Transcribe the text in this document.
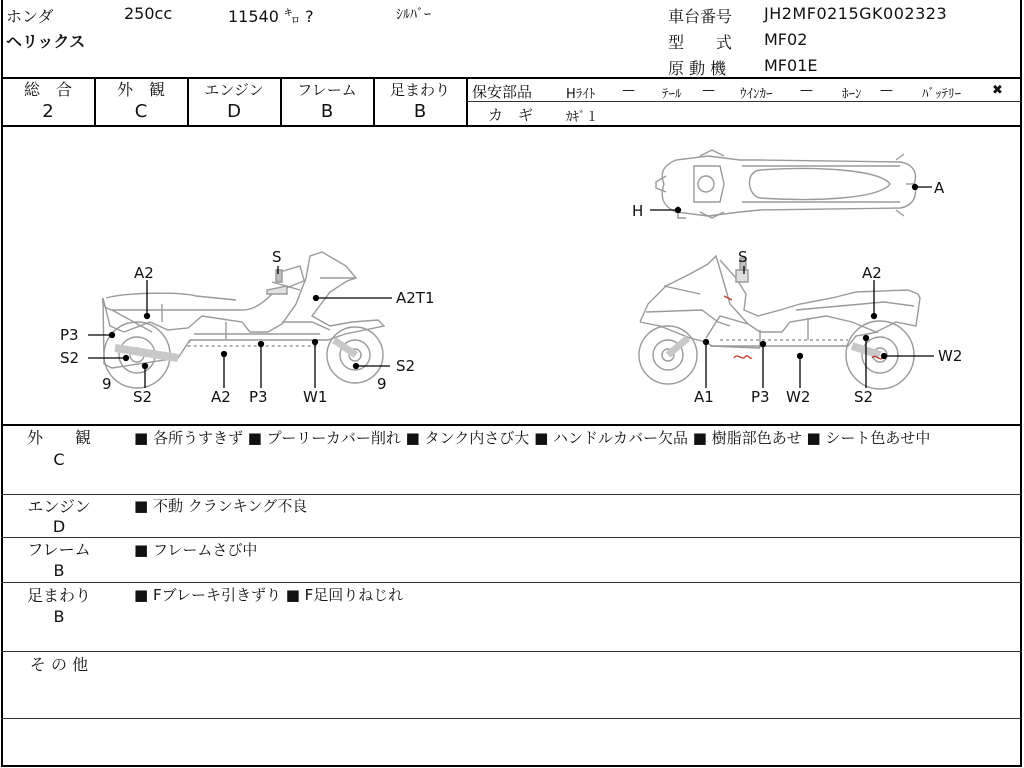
ホンダ	250cc	11540 ㌔ ?	ｼﾙﾊﾞｰ
ヘリックス
車台番号 JH2MF0215GK002323
型　　式 MF02
原 動 機 MF01E
総　合
2
外　観
C
エンジン
D
フレーム
B
足まわり
B
保安部品	Hﾗｲﾄ — ﾃｰﾙ — ｳｲﾝｶｰ — ﾎｰﾝ — ﾊﾞｯﾃﾘｰ ✖
カ　ギ	ｶｷﾞ１
S
A2
A2T1
P3
S2	S2
9	9
S2	A2 P3 W1
S
A2
W2
A1 P3 W2	S2
A
H
外　　観
C
■ 各所うすきず ■ プーリーカバー削れ ■ タンク内さび大 ■ ハンドルカバー欠品 ■ 樹脂部色あせ ■ シート色あせ中
エンジン
D
■ 不動 クランキング不良
フレーム
B
■ フレームさび中
足まわり
B
■ Fブレーキ引きずり ■ F足回りねじれ
そ の 他
